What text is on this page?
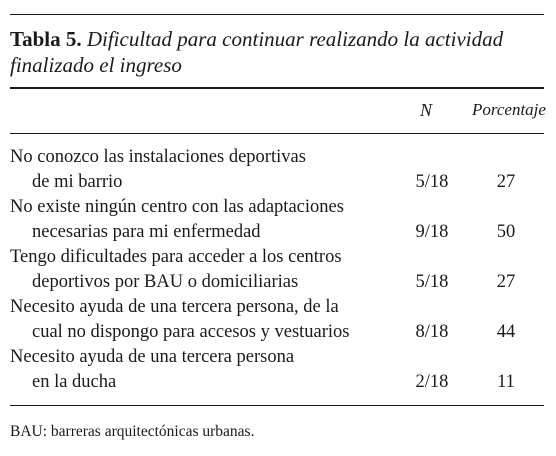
Tabla 5. Dificultad para continuar realizando la actividad finalizado el ingreso
N Porcentaje
No conozco las instalaciones deportivas
de mi barrio	5/18	27
No existe ningún centro con las adaptaciones
necesarias para mi enfermedad	9/18	50
Tengo dificultades para acceder a los centros
deportivos por BAU o domiciliarias	5/18	27
Necesito ayuda de una tercera persona, de la
cual no dispongo para accesos y vestuarios	8/18	44
Necesito ayuda de una tercera persona
en la ducha	2/18	11
BAU: barreras arquitectónicas urbanas.
